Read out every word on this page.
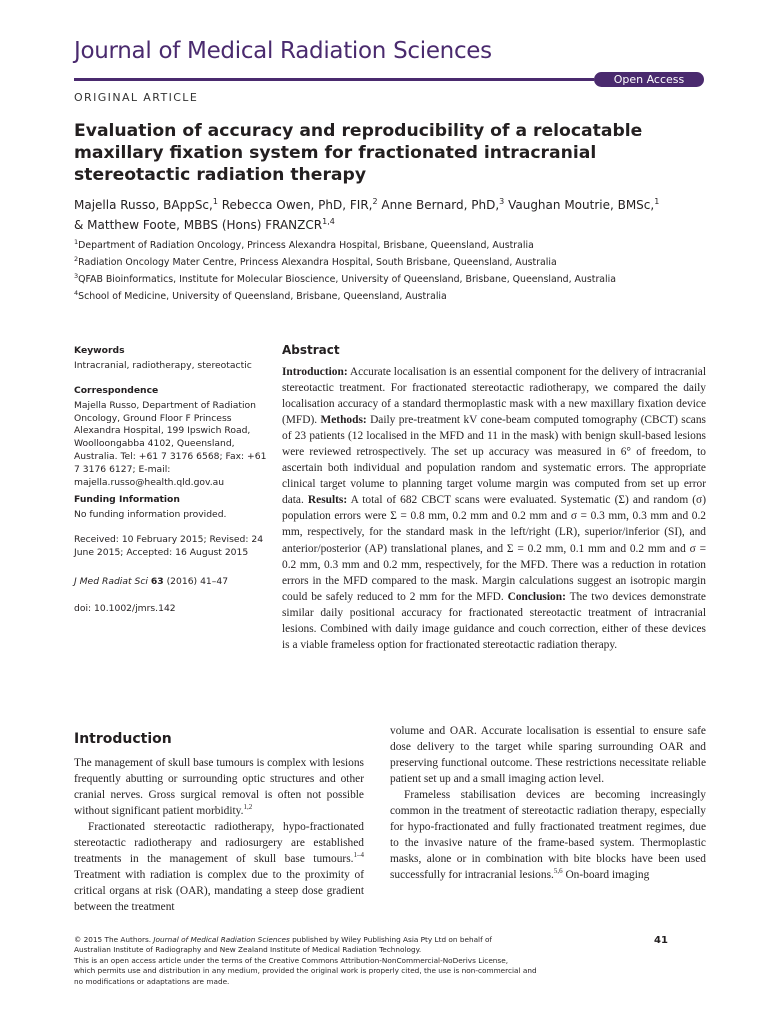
Journal of Medical Radiation Sciences
Open Access
ORIGINAL ARTICLE
Evaluation of accuracy and reproducibility of a relocatable maxillary fixation system for fractionated intracranial stereotactic radiation therapy
Majella Russo, BAppSc,$^1$ Rebecca Owen, PhD, FIR,$^2$ Anne Bernard, PhD,$^3$ Vaughan Moutrie, BMSc,$^1$
& Matthew Foote, MBBS (Hons) FRANZCR$^{1,4}$
$^1$Department of Radiation Oncology, Princess Alexandra Hospital, Brisbane, Queensland, Australia
$^2$Radiation Oncology Mater Centre, Princess Alexandra Hospital, South Brisbane, Queensland, Australia
$^3$QFAB Bioinformatics, Institute for Molecular Bioscience, University of Queensland, Brisbane, Queensland, Australia
$^4$School of Medicine, University of Queensland, Brisbane, Queensland, Australia
Keywords
Intracranial, radiotherapy, stereotactic
Correspondence
Majella Russo, Department of Radiation Oncology, Ground Floor F Princess Alexandra Hospital, 199 Ipswich Road, Woolloongabba 4102, Queensland, Australia. Tel: +61 7 3176 6568; Fax: +61 7 3176 6127; E-mail: majella.russo@health.qld.gov.au
Funding Information
No funding information provided.
Received: 10 February 2015; Revised: 24 June 2015; Accepted: 16 August 2015
J Med Radiat Sci 63 (2016) 41–47
doi: 10.1002/jmrs.142
Abstract

Introduction: Accurate localisation is an essential component for the delivery of intracranial stereotactic treatment. For fractionated stereotactic radiotherapy, we compared the daily localisation accuracy of a standard thermoplastic mask with a new maxillary fixation device (MFD). Methods: Daily pre-treatment kV cone-beam computed tomography (CBCT) scans of 23 patients (12 localised in the MFD and 11 in the mask) with benign skull-based lesions were reviewed retrospectively. The set up accuracy was measured in 6° of freedom, to ascertain both individual and population random and systematic errors. The appropriate clinical target volume to planning target volume margin was computed from set up error data. Results: A total of 682 CBCT scans were evaluated. Systematic (Σ) and random (σ) population errors were Σ = 0.8 mm, 0.2 mm and 0.2 mm and σ = 0.3 mm, 0.3 mm and 0.2 mm, respectively, for the standard mask in the left/right (LR), superior/inferior (SI), and anterior/posterior (AP) translational planes, and Σ = 0.2 mm, 0.1 mm and 0.2 mm and σ = 0.2 mm, 0.3 mm and 0.2 mm, respectively, for the MFD. There was a reduction in rotation errors in the MFD compared to the mask. Margin calculations suggest an isotropic margin could be safely reduced to 2 mm for the MFD. Conclusion: The two devices demonstrate similar daily positional accuracy for fractionated stereotactic treatment of intracranial lesions. Combined with daily image guidance and couch correction, either of these devices is a viable frameless option for fractionated stereotactic radiation therapy.

Introduction

The management of skull base tumours is complex with lesions frequently abutting or surrounding optic structures and other cranial nerves. Gross surgical removal is often not possible without significant patient morbidity.$^{1,2}$

Fractionated stereotactic radiotherapy, hypo-fractionated stereotactic radiotherapy and radiosurgery are established treatments in the management of skull base tumours.$^{1-4}$ Treatment with radiation is complex due to the proximity of critical organs at risk (OAR), mandating a steep dose gradient between the treatment

volume and OAR. Accurate localisation is essential to ensure safe dose delivery to the target while sparing surrounding OAR and preserving functional outcome. These restrictions necessitate reliable patient set up and a small imaging action level.

Frameless stabilisation devices are becoming increasingly common in the treatment of stereotactic radiation therapy, especially for hypo-fractionated and fully fractionated treatment regimes, due to the invasive nature of the frame-based system. Thermoplastic masks, alone or in combination with bite blocks have been used successfully for intracranial lesions.$^{5,6}$ On-board imaging

© 2015 The Authors. Journal of Medical Radiation Sciences published by Wiley Publishing Asia Pty Ltd on behalf of
Australian Institute of Radiography and New Zealand Institute of Medical Radiation Technology.
This is an open access article under the terms of the Creative Commons Attribution-NonCommercial-NoDerivs License,
which permits use and distribution in any medium, provided the original work is properly cited, the use is non-commercial and
no modifications or adaptations are made.
41
